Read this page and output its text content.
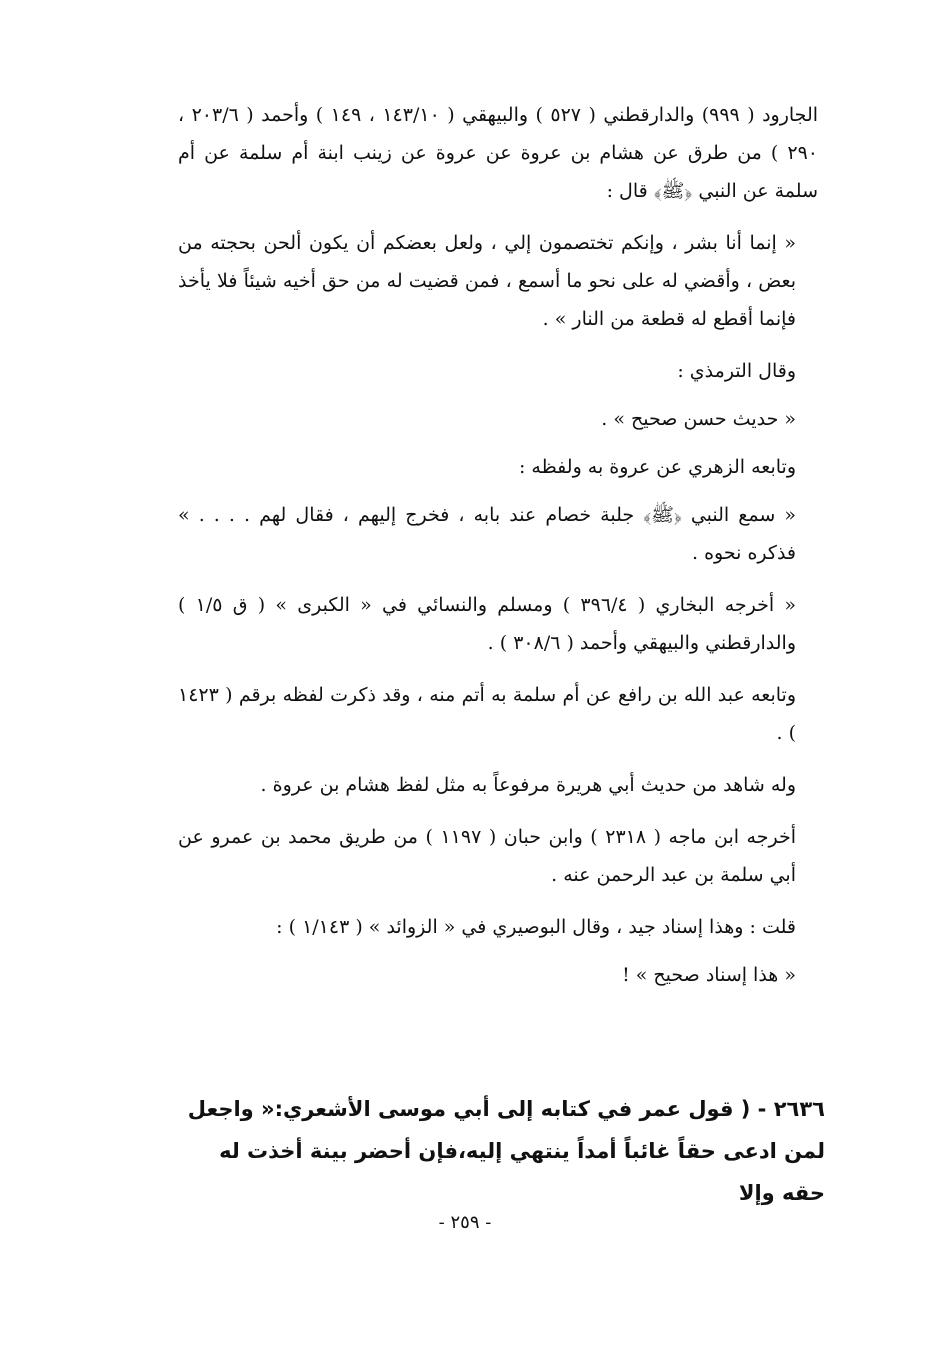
الجارود ( ٩٩٩) والدارقطني ( ٥٢٧ ) والبيهقي ( ١٤٣/١٠ ، ١٤٩ ) وأحمد ( ٢٠٣/٦ ، ٢٩٠ ) من طرق عن هشام بن عروة عن عروة عن زينب ابنة أم سلمة عن أم سلمة عن النبي ﴿ﷺ﴾ قال :

« إنما أنا بشر ، وإنكم تختصمون إلي ، ولعل بعضكم أن يكون ألحن بحجته من بعض ، وأقضي له على نحو ما أسمع ، فمن قضيت له من حق أخيه شيئاً فلا يأخذ فإنما أقطع له قطعة من النار » .

وقال الترمذي :

« حديث حسن صحيح » .

وتابعه الزهري عن عروة به ولفظه :

« سمع النبي ﴿ﷺ﴾ جلبة خصام عند بابه ، فخرج إليهم ، فقال لهم . . . . » فذكره نحوه .

« أخرجه البخاري ( ٣٩٦/٤ ) ومسلم والنسائي في « الكبرى » ( ق ١/٥ ) والدارقطني والبيهقي وأحمد ( ٣٠٨/٦ ) .

وتابعه عبد الله بن رافع عن أم سلمة به أتم منه ، وقد ذكرت لفظه برقم ( ١٤٢٣ ) .

وله شاهد من حديث أبي هريرة مرفوعاً به مثل لفظ هشام بن عروة .

أخرجه ابن ماجه ( ٢٣١٨ ) وابن حبان ( ١١٩٧ ) من طريق محمد بن عمرو عن أبي سلمة بن عبد الرحمن عنه .

قلت : وهذا إسناد جيد ، وقال البوصيري في « الزوائد » ( ١/١٤٣ ) :

« هذا إسناد صحيح » !

٢٦٣٦ - ( قول عمر في كتابه إلى أبي موسى الأشعري:« واجعل لمن ادعى حقاً غائباً أمداً ينتهي إليه،فإن أحضر بينة أخذت له حقه وإلا
- ٢٥٩ -
